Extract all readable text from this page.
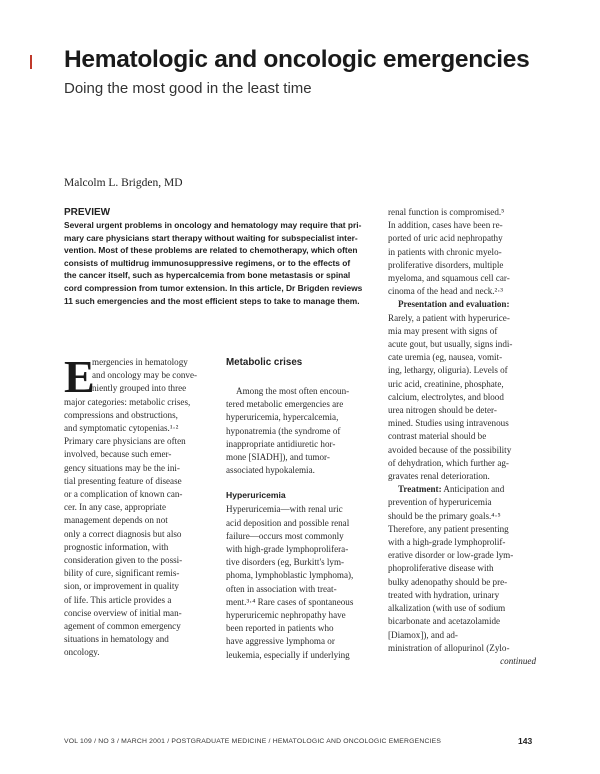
Hematologic and oncologic emergencies
Doing the most good in the least time
Malcolm L. Brigden, MD
PREVIEW
Several urgent problems in oncology and hematology may require that pri-
mary care physicians start therapy without waiting for subspecialist inter-
vention. Most of these problems are related to chemotherapy, which often
consists of multidrug immunosuppressive regimens, or to the effects of
the cancer itself, such as hypercalcemia from bone metastasis or spinal
cord compression from tumor extension. In this article, Dr Brigden reviews
11 such emergencies and the most efficient steps to take to manage them.
E
mergencies in hematology
and oncology may be conve-
niently grouped into three
major categories: metabolic crises,
compressions and obstructions,
and symptomatic cytopenias.¹·²
Primary care physicians are often
involved, because such emer-
gency situations may be the ini-
tial presenting feature of disease
or a complication of known can-
cer. In any case, appropriate
management depends on not
only a correct diagnosis but also
prognostic information, with
consideration given to the possi-
bility of cure, significant remis-
sion, or improvement in quality
of life. This article provides a
concise overview of initial man-
agement of common emergency
situations in hematology and
oncology.
Metabolic crises
Among the most often encoun-
tered metabolic emergencies are
hyperuricemia, hypercalcemia,
hyponatremia (the syndrome of
inappropriate antidiuretic hor-
mone [SIADH]), and tumor-
associated hypokalemia.
Hyperuricemia
Hyperuricemia—with renal uric
acid deposition and possible renal
failure—occurs most commonly
with high-grade lymphoprolifera-
tive disorders (eg, Burkitt's lym-
phoma, lymphoblastic lymphoma),
often in association with treat-
ment.³·⁴ Rare cases of spontaneous
hyperuricemic nephropathy have
been reported in patients who
have aggressive lymphoma or
leukemia, especially if underlying
renal function is compromised.⁵
In addition, cases have been re-
ported of uric acid nephropathy
in patients with chronic myelo-
proliferative disorders, multiple
myeloma, and squamous cell car-
cinoma of the head and neck.²·³
Presentation and evaluation:
Rarely, a patient with hyperurice-
mia may present with signs of
acute gout, but usually, signs indi-
cate uremia (eg, nausea, vomit-
ing, lethargy, oliguria). Levels of
uric acid, creatinine, phosphate,
calcium, electrolytes, and blood
urea nitrogen should be deter-
mined. Studies using intravenous
contrast material should be
avoided because of the possibility
of dehydration, which further ag-
gravates renal deterioration.
Treatment: Anticipation and
prevention of hyperuricemia
should be the primary goals.⁴·⁵
Therefore, any patient presenting
with a high-grade lymphoprolif-
erative disorder or low-grade lym-
phoproliferative disease with
bulky adenopathy should be pre-
treated with hydration, urinary
alkalization (with use of sodium
bicarbonate and acetazolamide
[Diamox]), and ad-
ministration of allopurinol (Zylo-
continued
VOL 109 / NO 3 / MARCH 2001 / POSTGRADUATE MEDICINE / HEMATOLOGIC AND ONCOLOGIC EMERGENCIES	143
